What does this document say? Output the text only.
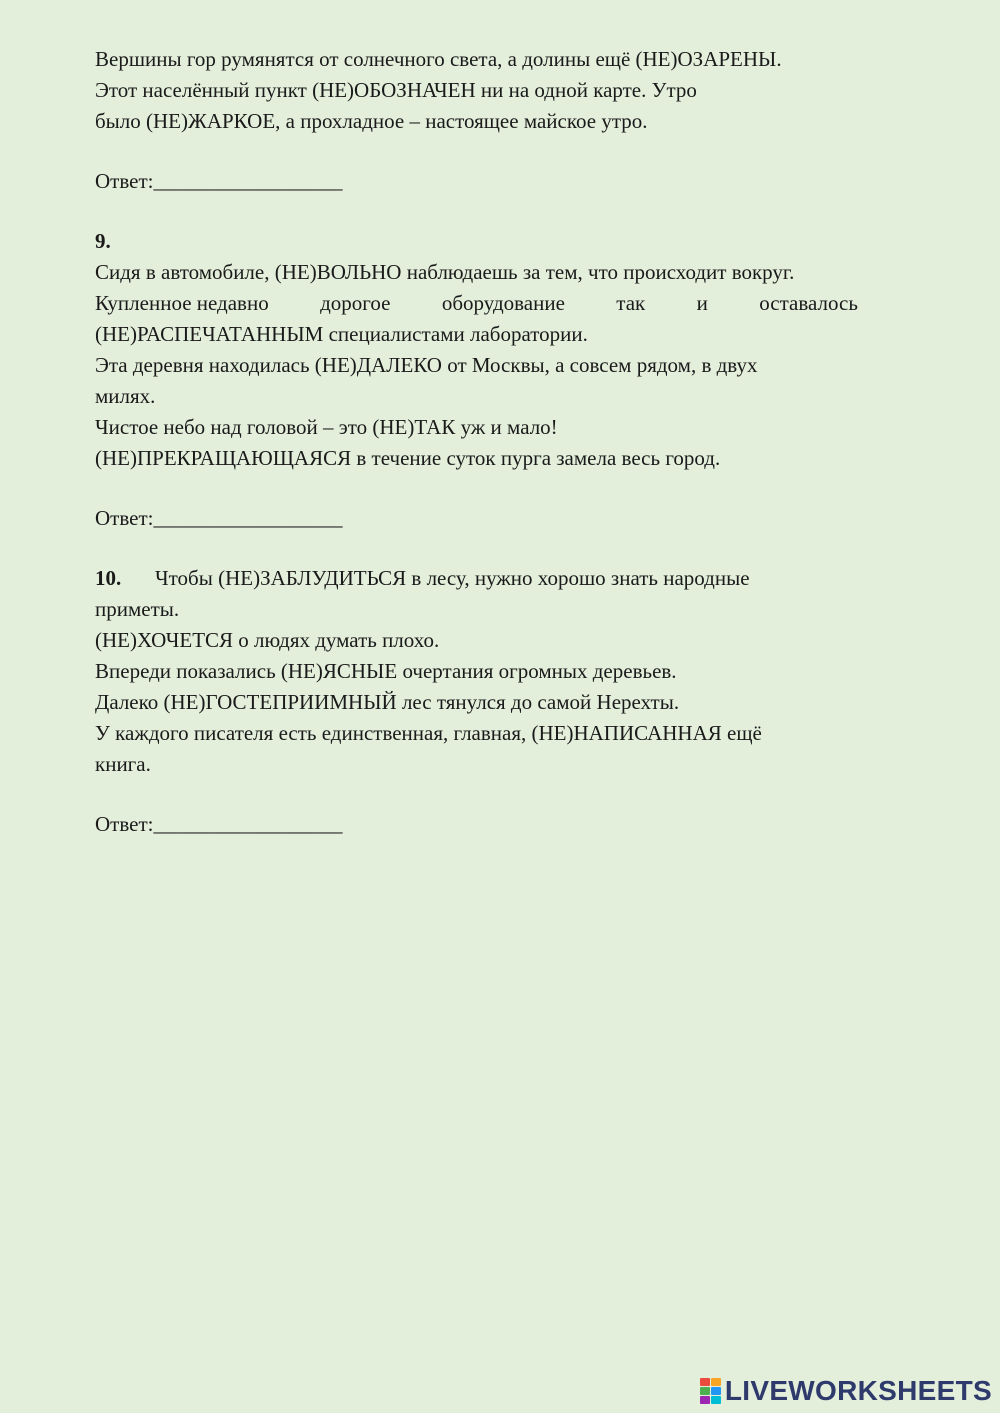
Вершины гор румянятся от солнечного света, а долины ещё (НЕ)ОЗАРЕНЫ.
Этот населённый пункт (НЕ)ОБОЗНАЧЕН ни на одной карте. Утро
было (НЕ)ЖАРКОЕ, а прохладное – настоящее майское утро.
Ответ:__________________
9.
Сидя в автомобиле, (НЕ)ВОЛЬНО наблюдаешь за тем, что происходит вокруг.
Купленное недавно дорогое оборудование так и оставалось
(НЕ)РАСПЕЧАТАННЫМ специалистами лаборатории.
Эта деревня находилась (НЕ)ДАЛЕКО от Москвы, а совсем рядом, в двух
милях.
Чистое небо над головой – это (НЕ)ТАК уж и мало!
(НЕ)ПРЕКРАЩАЮЩАЯСЯ в течение суток пурга замела весь город.
Ответ:__________________
10. Чтобы (НЕ)ЗАБЛУДИТЬСЯ в лесу, нужно хорошо знать народные
приметы.
(НЕ)ХОЧЕТСЯ о людях думать плохо.
Впереди показались (НЕ)ЯСНЫЕ очертания огромных деревьев.
Далеко (НЕ)ГОСТЕПРИИМНЫЙ лес тянулся до самой Нерехты.
У каждого писателя есть единственная, главная, (НЕ)НАПИСАННАЯ ещё
книга.
Ответ:__________________
LIVEWORKSHEETS
